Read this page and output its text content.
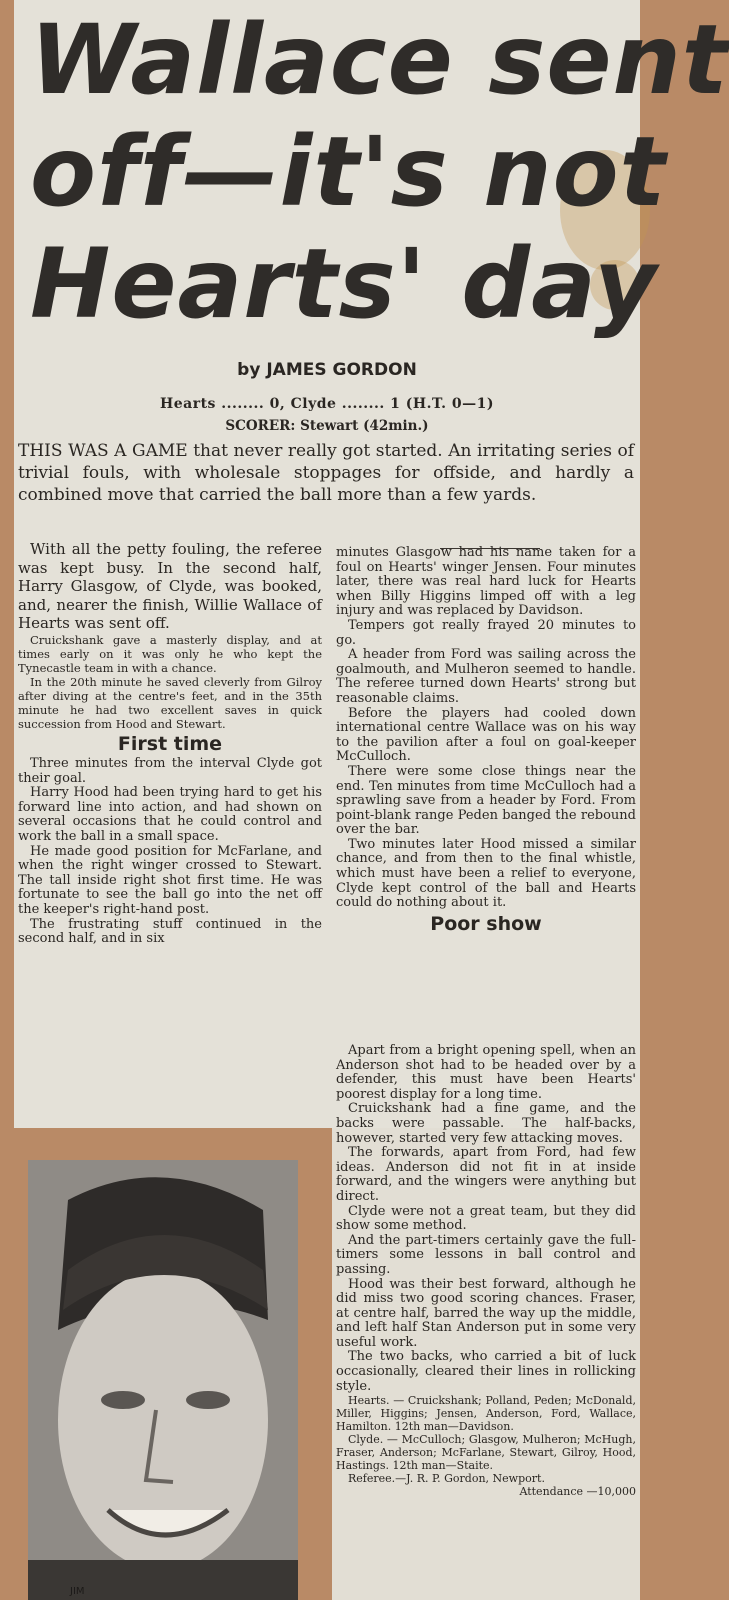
Wallace sent
off—it's not
Hearts' day
by JAMES GORDON
Hearts ........ 0, Clyde ........ 1 (H.T. 0—1)
SCORER: Stewart (42min.)
THIS WAS A GAME that never really got started. An irritating series of trivial fouls, with wholesale stoppages for offside, and hardly a combined move that carried the ball more than a few yards.

With all the petty fouling, the referee was kept busy. In the second half, Harry Glasgow, of Clyde, was booked, and, nearer the finish, Willie Wallace of Hearts was sent off.

Cruickshank gave a masterly display, and at times early on it was only he who kept the Tynecastle team in with a chance.

In the 20th minute he saved cleverly from Gilroy after diving at the centre's feet, and in the 35th minute he had two excellent saves in quick succession from Hood and Stewart.

First time

Three minutes from the interval Clyde got their goal.

Harry Hood had been trying hard to get his forward line into action, and had shown on several occasions that he could control and work the ball in a small space.

He made good position for McFarlane, and when the right winger crossed to Stewart. The tall inside right shot first time. He was fortunate to see the ball go into the net off the keeper's right-hand post.

The frustrating stuff continued in the second half, and in six

minutes Glasgow had his name taken for a foul on Hearts' winger Jensen. Four minutes later, there was real hard luck for Hearts when Billy Higgins limped off with a leg injury and was replaced by Davidson.

Tempers got really frayed 20 minutes to go.

A header from Ford was sailing across the goalmouth, and Mulheron seemed to handle. The referee turned down Hearts' strong but reasonable claims.

Before the players had cooled down international centre Wallace was on his way to the pavilion after a foul on goal-keeper McCulloch.

There were some close things near the end. Ten minutes from time McCulloch had a sprawling save from a header by Ford. From point-blank range Peden banged the rebound over the bar.

Two minutes later Hood missed a similar chance, and from then to the final whistle, which must have been a relief to everyone, Clyde kept control of the ball and Hearts could do nothing about it.

Poor show

Apart from a bright opening spell, when an Anderson shot had to be headed over by a defender, this must have been Hearts' poorest display for a long time.

Cruickshank had a fine game, and the backs were passable. The half-backs, however, started very few attacking moves.

The forwards, apart from Ford, had few ideas. Anderson did not fit in at inside forward, and the wingers were anything but direct.

Clyde were not a great team, but they did show some method.

And the part-timers certainly gave the full-timers some lessons in ball control and passing.

Hood was their best forward, although he did miss two good scoring chances. Fraser, at centre half, barred the way up the middle, and left half Stan Anderson put in some very useful work.

The two backs, who carried a bit of luck occasionally, cleared their lines in rollicking style.

Hearts. — Cruickshank; Polland, Peden; McDonald, Miller, Higgins; Jensen, Anderson, Ford, Wallace, Hamilton. 12th man—Davidson.

Clyde. — McCulloch; Glasgow, Mulheron; McHugh, Fraser, Anderson; McFarlane, Stewart, Gilroy, Hood, Hastings. 12th man—Staite.

Referee.—J. R. P. Gordon, Newport.

Attendance —10,000

JIM
